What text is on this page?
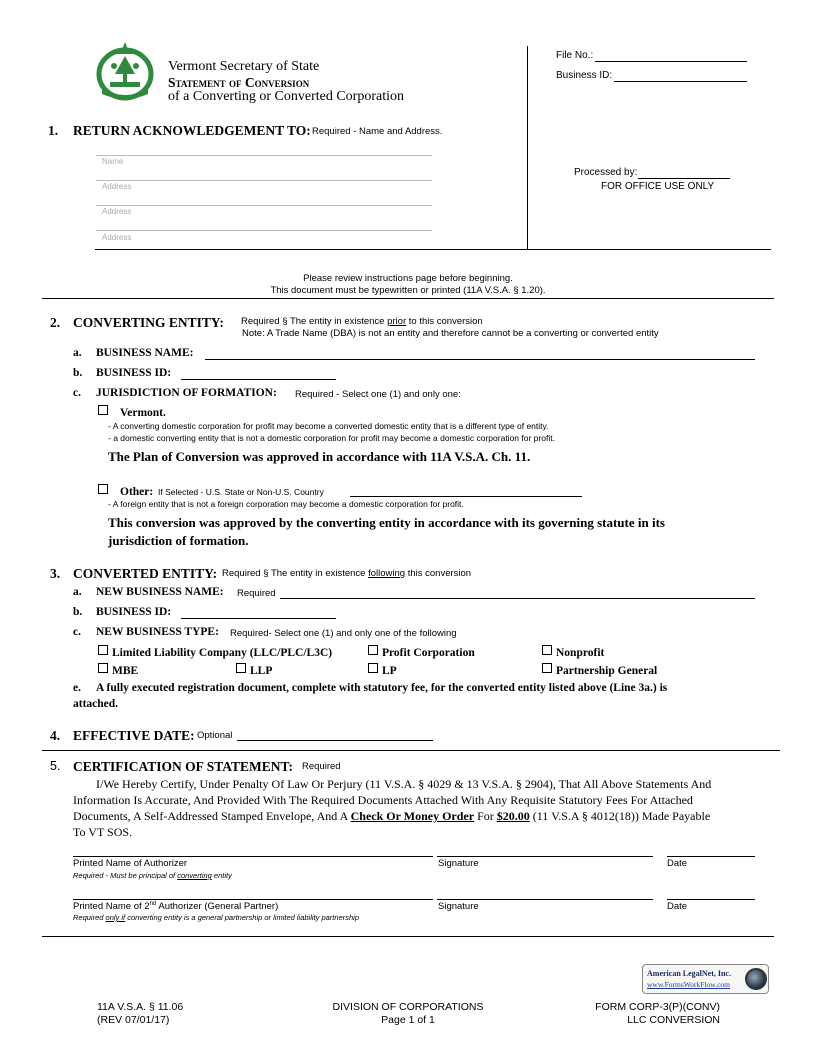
Vermont Secretary of State
Statement of Conversion
of a Converting or Converted Corporation
File No.:
Business ID:
Processed by:
FOR OFFICE USE ONLY
1. RETURN ACKNOWLEDGEMENT TO: Required - Name and Address.
Name
Address
Address
Address
Please review instructions page before beginning.
This document must be typewritten or printed (11A V.S.A. § 1.20).
2. CONVERTING ENTITY: Required § The entity in existence prior to this conversion
Note: A Trade Name (DBA) is not an entity and therefore cannot be a converting or converted entity
a. BUSINESS NAME:
b. BUSINESS ID:
c. JURISDICTION OF FORMATION: Required - Select one (1) and only one:
Vermont.
- A converting domestic corporation for profit may become a converted domestic entity that is a different type of entity.
- a domestic converting entity that is not a domestic corporation for profit may become a domestic corporation for profit.
The Plan of Conversion was approved in accordance with 11A V.S.A. Ch. 11.
Other: If Selected - U.S. State or Non-U.S. Country
- A foreign entity that is not a foreign corporation may become a domestic corporation for profit.
This conversion was approved by the converting entity in accordance with its governing statute in its
jurisdiction of formation.
3. CONVERTED ENTITY: Required § The entity in existence following this conversion
a. NEW BUSINESS NAME: Required
b. BUSINESS ID:
c. NEW BUSINESS TYPE: Required- Select one (1) and only one of the following
Limited Liability Company (LLC/PLC/L3C)	Profit Corporation	Nonprofit
MBE	LLP	LP	Partnership General
e. A fully executed registration document, complete with statutory fee, for the converted entity listed above (Line 3a.) is
attached.
4. EFFECTIVE DATE: Optional
5. CERTIFICATION OF STATEMENT: Required
I/We Hereby Certify, Under Penalty Of Law Or Perjury (11 V.S.A. § 4029 & 13 V.S.A. § 2904), That All Above Statements And
Information Is Accurate, And Provided With The Required Documents Attached With Any Requisite Statutory Fees For Attached
Documents, A Self-Addressed Stamped Envelope, And A Check Or Money Order For $20.00 (11 V.S.A § 4012(18)) Made Payable
To VT SOS.
Printed Name of Authorizer	Signature	Date
Required - Must be principal of converting entity
Printed Name of 2nd Authorizer (General Partner)	Signature	Date
Required only if converting entity is a general partnership or limited liability partnership
American LegalNet, Inc.
www.FormsWorkFlow.com
11A V.S.A. § 11.06
(REV 07/01/17)
DIVISION OF CORPORATIONS
Page 1 of 1
FORM CORP-3(P)(CONV)
LLC CONVERSION
